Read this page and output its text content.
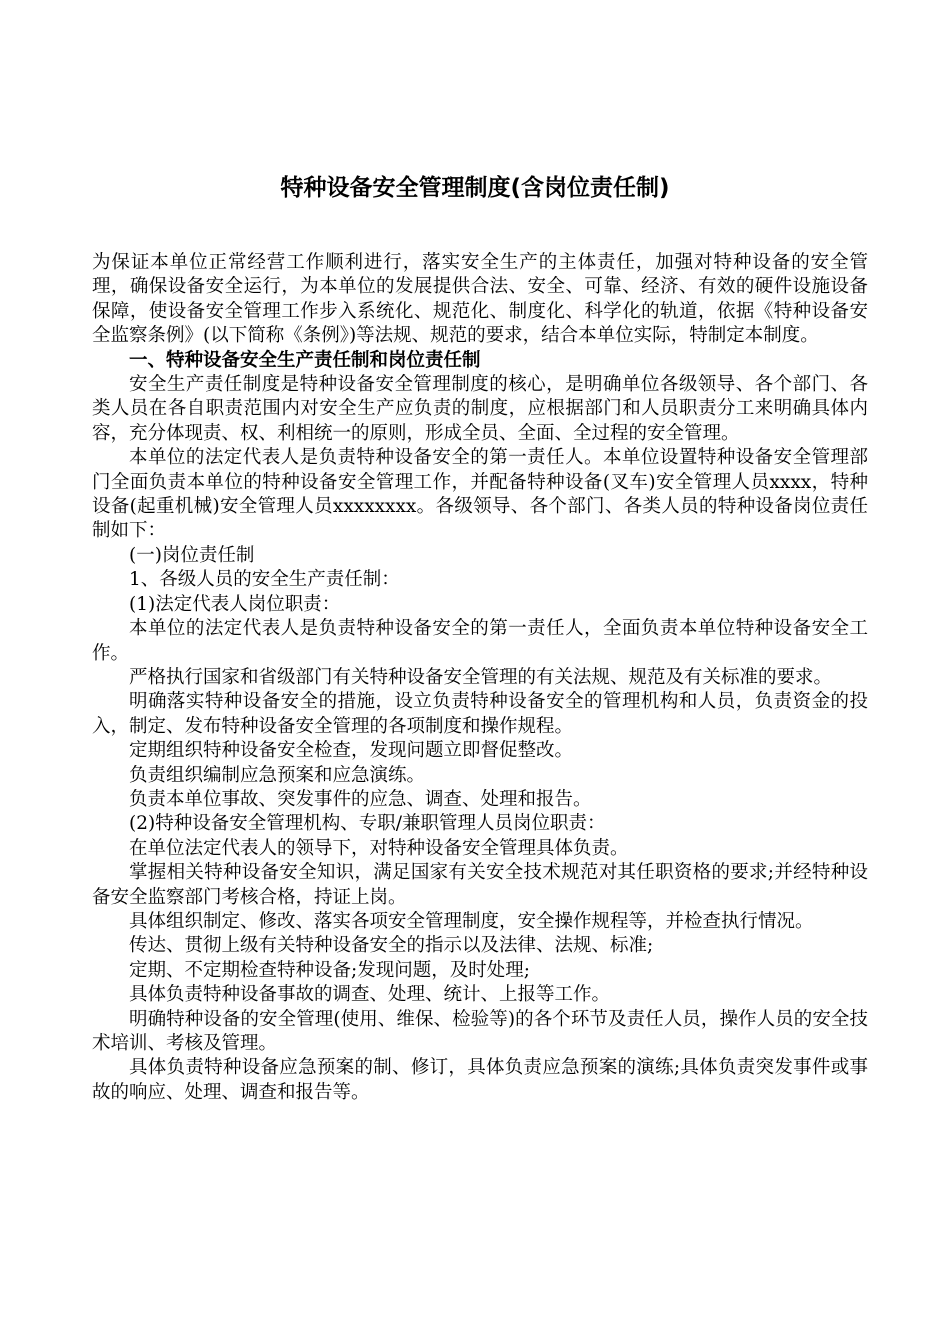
特种设备安全管理制度(含岗位责任制)

为保证本单位正常经营工作顺利进行，落实安全生产的主体责任，加强对特种设备的安全管理，确保设备安全运行，为本单位的发展提供合法、安全、可靠、经济、有效的硬件设施设备保障，使设备安全管理工作步入系统化、规范化、制度化、科学化的轨道，依据《特种设备安全监察条例》(以下简称《条例》)等法规、规范的要求，结合本单位实际，特制定本制度。

一、特种设备安全生产责任制和岗位责任制

安全生产责任制度是特种设备安全管理制度的核心，是明确单位各级领导、各个部门、各类人员在各自职责范围内对安全生产应负责的制度，应根据部门和人员职责分工来明确具体内容，充分体现责、权、利相统一的原则，形成全员、全面、全过程的安全管理。

本单位的法定代表人是负责特种设备安全的第一责任人。本单位设置特种设备安全管理部门全面负责本单位的特种设备安全管理工作，并配备特种设备(叉车)安全管理人员xxxx，特种设备(起重机械)安全管理人员xxxxxxxx。各级领导、各个部门、各类人员的特种设备岗位责任制如下：

(一)岗位责任制

1、各级人员的安全生产责任制：

(1)法定代表人岗位职责：

本单位的法定代表人是负责特种设备安全的第一责任人，全面负责本单位特种设备安全工作。

严格执行国家和省级部门有关特种设备安全管理的有关法规、规范及有关标准的要求。

明确落实特种设备安全的措施，设立负责特种设备安全的管理机构和人员，负责资金的投入，制定、发布特种设备安全管理的各项制度和操作规程。

定期组织特种设备安全检查，发现问题立即督促整改。

负责组织编制应急预案和应急演练。

负责本单位事故、突发事件的应急、调查、处理和报告。

(2)特种设备安全管理机构、专职/兼职管理人员岗位职责：

在单位法定代表人的领导下，对特种设备安全管理具体负责。

掌握相关特种设备安全知识，满足国家有关安全技术规范对其任职资格的要求;并经特种设备安全监察部门考核合格，持证上岗。

具体组织制定、修改、落实各项安全管理制度，安全操作规程等，并检查执行情况。

传达、贯彻上级有关特种设备安全的指示以及法律、法规、标准;

定期、不定期检查特种设备;发现问题，及时处理;

具体负责特种设备事故的调查、处理、统计、上报等工作。

明确特种设备的安全管理(使用、维保、检验等)的各个环节及责任人员，操作人员的安全技术培训、考核及管理。

具体负责特种设备应急预案的制、修订，具体负责应急预案的演练;具体负责突发事件或事故的响应、处理、调查和报告等。
